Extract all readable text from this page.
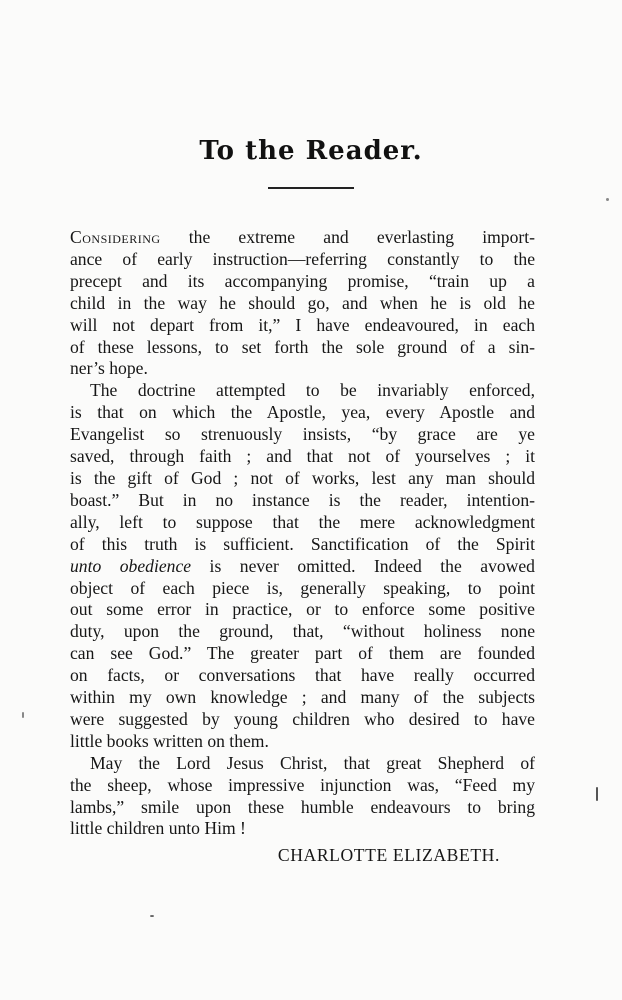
To the Reader.
Considering the extreme and everlasting import-
ance of early instruction—referring constantly to the
precept and its accompanying promise, “train up a
child in the way he should go, and when he is old he
will not depart from it,” I have endeavoured, in each
of these lessons, to set forth the sole ground of a sin-
ner’s hope.
The doctrine attempted to be invariably enforced,
is that on which the Apostle, yea, every Apostle and
Evangelist so strenuously insists, “by grace are ye
saved, through faith ; and that not of yourselves ; it
is the gift of God ; not of works, lest any man should
boast.” But in no instance is the reader, intention-
ally, left to suppose that the mere acknowledgment
of this truth is sufficient. Sanctification of the Spirit
unto obedience is never omitted. Indeed the avowed
object of each piece is, generally speaking, to point
out some error in practice, or to enforce some positive
duty, upon the ground, that, “without holiness none
can see God.” The greater part of them are founded
on facts, or conversations that have really occurred
within my own knowledge ; and many of the subjects
were suggested by young children who desired to have
little books written on them.
May the Lord Jesus Christ, that great Shepherd of
the sheep, whose impressive injunction was, “Feed my
lambs,” smile upon these humble endeavours to bring
little children unto Him !
CHARLOTTE ELIZABETH.
